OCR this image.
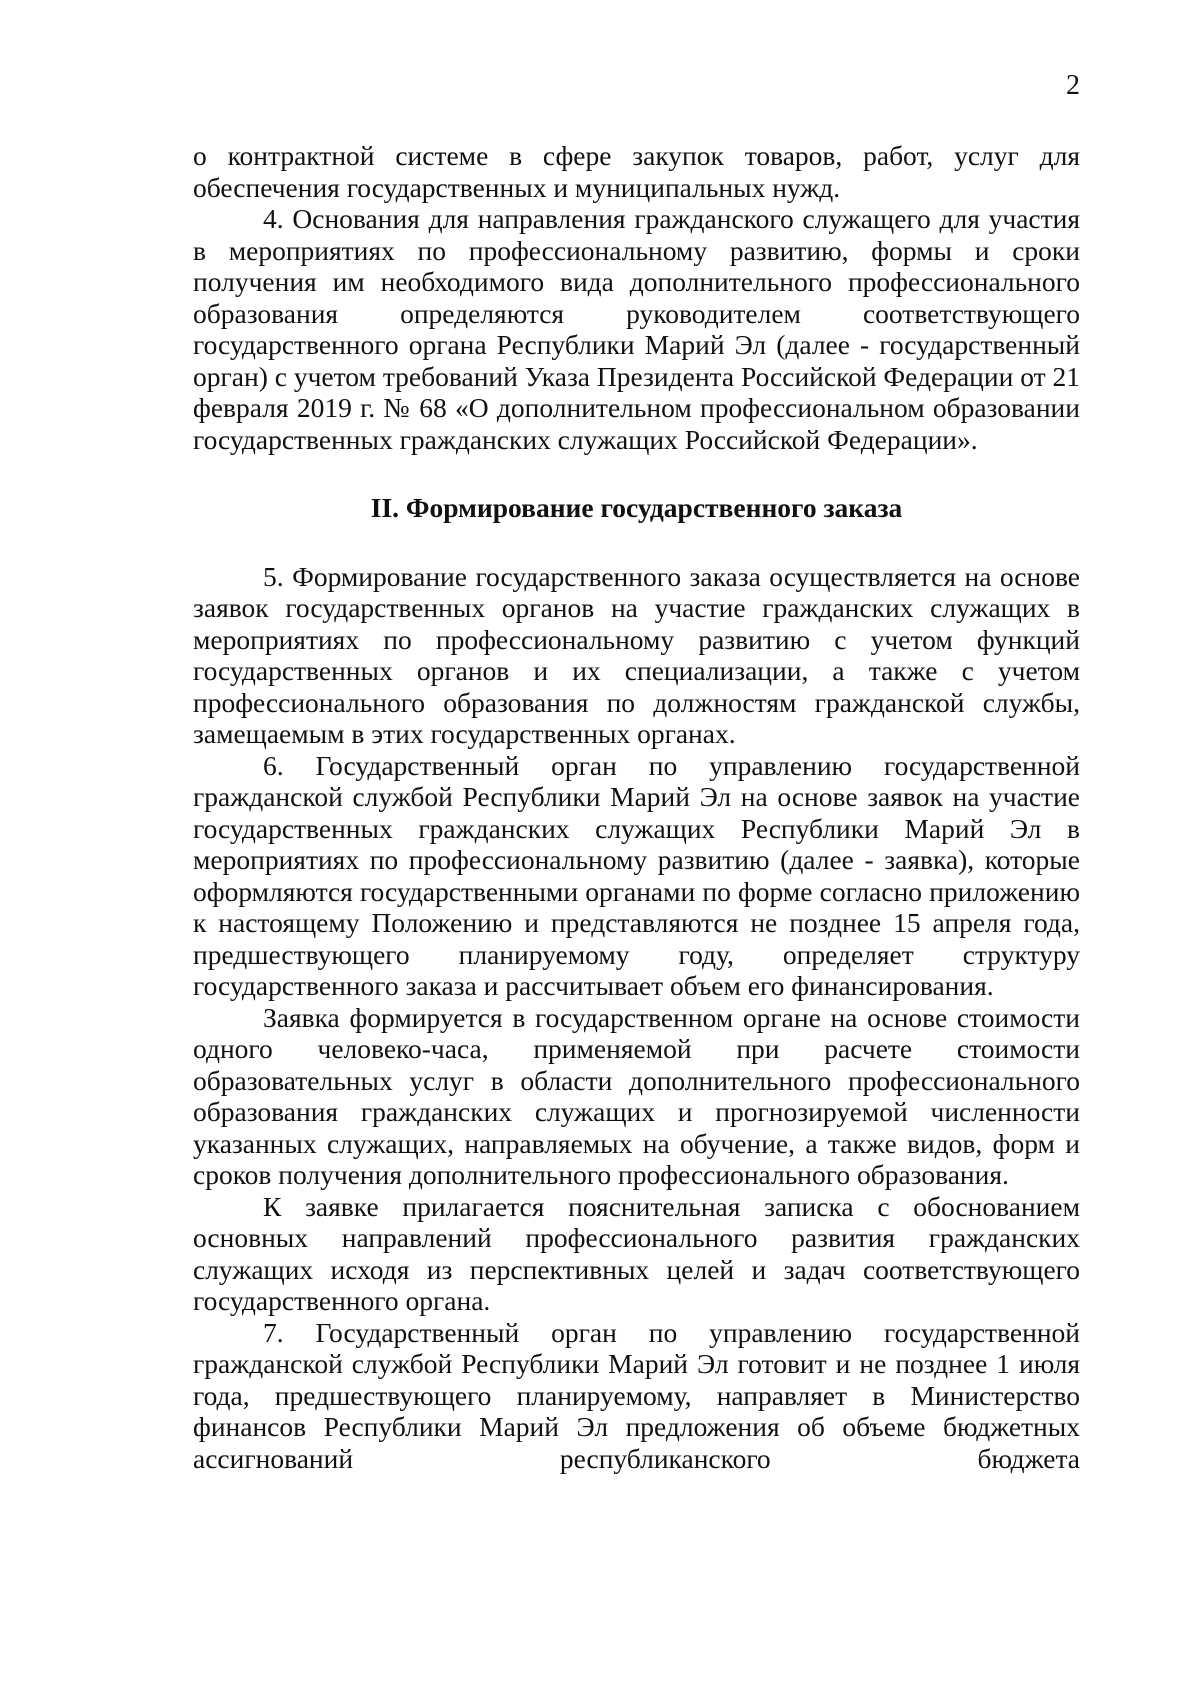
2

о контрактной системе в сфере закупок товаров, работ, услуг для обеспечения государственных и муниципальных нужд.

4. Основания для направления гражданского служащего для участия в мероприятиях по профессиональному развитию, формы и сроки получения им необходимого вида дополнительного профессионального образования определяются руководителем соответствующего государственного органа Республики Марий Эл (далее - государственный орган) с учетом требований Указа Президента Российской Федерации от 21 февраля 2019 г. № 68 «О дополнительном профессиональном образовании государственных гражданских служащих Российской Федерации».

II. Формирование государственного заказа

5. Формирование государственного заказа осуществляется на основе заявок государственных органов на участие гражданских служащих в мероприятиях по профессиональному развитию с учетом функций государственных органов и их специализации, а также с учетом профессионального образования по должностям гражданской службы, замещаемым в этих государственных органах.

6. Государственный орган по управлению государственной гражданской службой Республики Марий Эл на основе заявок на участие государственных гражданских служащих Республики Марий Эл в мероприятиях по профессиональному развитию (далее - заявка), которые оформляются государственными органами по форме согласно приложению к настоящему Положению и представляются не позднее 15 апреля года, предшествующего планируемому году, определяет структуру государственного заказа и рассчитывает объем его финансирования.

Заявка формируется в государственном органе на основе стоимости одного человеко-часа, применяемой при расчете стоимости образовательных услуг в области дополнительного профессионального образования гражданских служащих и прогнозируемой численности указанных служащих, направляемых на обучение, а также видов, форм и сроков получения дополнительного профессионального образования.

К заявке прилагается пояснительная записка с обоснованием основных направлений профессионального развития гражданских служащих исходя из перспективных целей и задач соответствующего государственного органа.

7. Государственный орган по управлению государственной гражданской службой Республики Марий Эл готовит и не позднее 1 июля года, предшествующего планируемому, направляет в Министерство финансов Республики Марий Эл предложения об объеме бюджетных ассигнований республиканского бюджета
